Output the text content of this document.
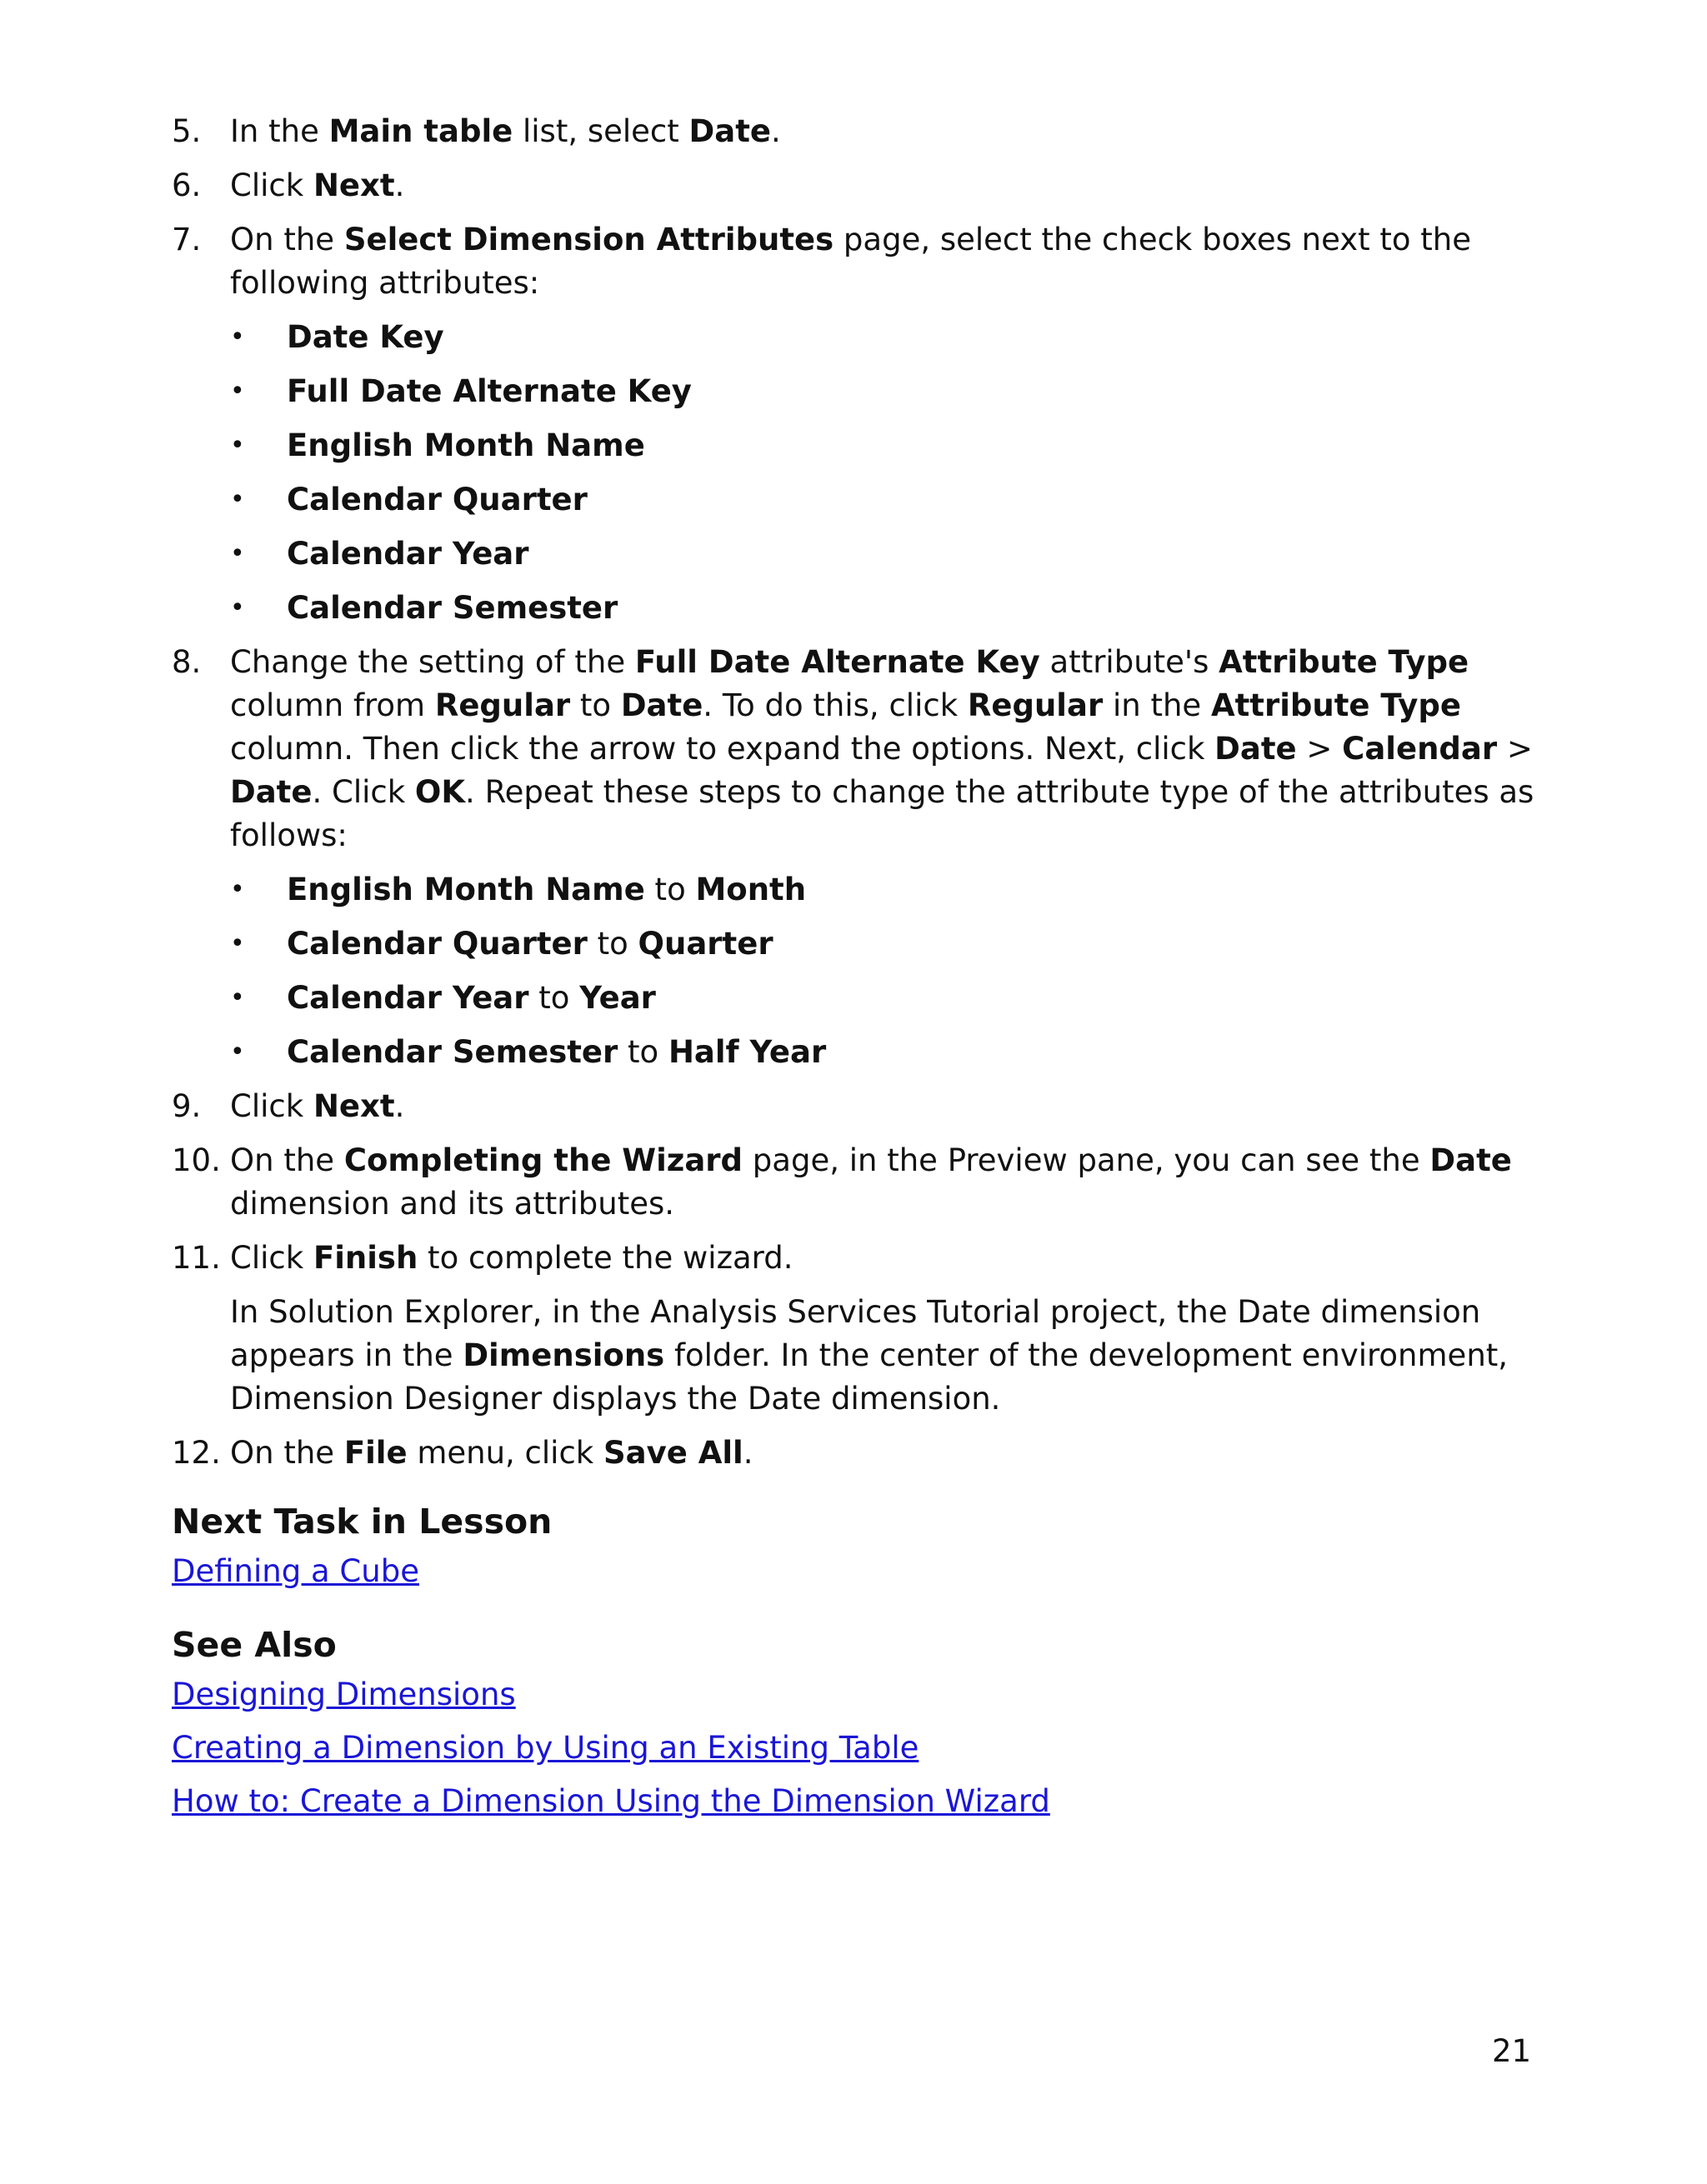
5. In the Main table list, select Date.
6. Click Next.
7. On the Select Dimension Attributes page, select the check boxes next to the following attributes:
•	Date Key
•	Full Date Alternate Key
•	English Month Name
•	Calendar Quarter
•	Calendar Year
•	Calendar Semester
8. Change the setting of the Full Date Alternate Key attribute's Attribute Type column from Regular to Date. To do this, click Regular in the Attribute Type column. Then click the arrow to expand the options. Next, click Date > Calendar > Date. Click OK. Repeat these steps to change the attribute type of the attributes as follows:
•	English Month Name to Month
•	Calendar Quarter to Quarter
•	Calendar Year to Year
•	Calendar Semester to Half Year
9. Click Next.
10. On the Completing the Wizard page, in the Preview pane, you can see the Date dimension and its attributes.
11. Click Finish to complete the wizard.
In Solution Explorer, in the Analysis Services Tutorial project, the Date dimension appears in the Dimensions folder. In the center of the development environment, Dimension Designer displays the Date dimension.
12. On the File menu, click Save All.
Next Task in Lesson
Defining a Cube
See Also
Designing Dimensions
Creating a Dimension by Using an Existing Table
How to: Create a Dimension Using the Dimension Wizard
21
